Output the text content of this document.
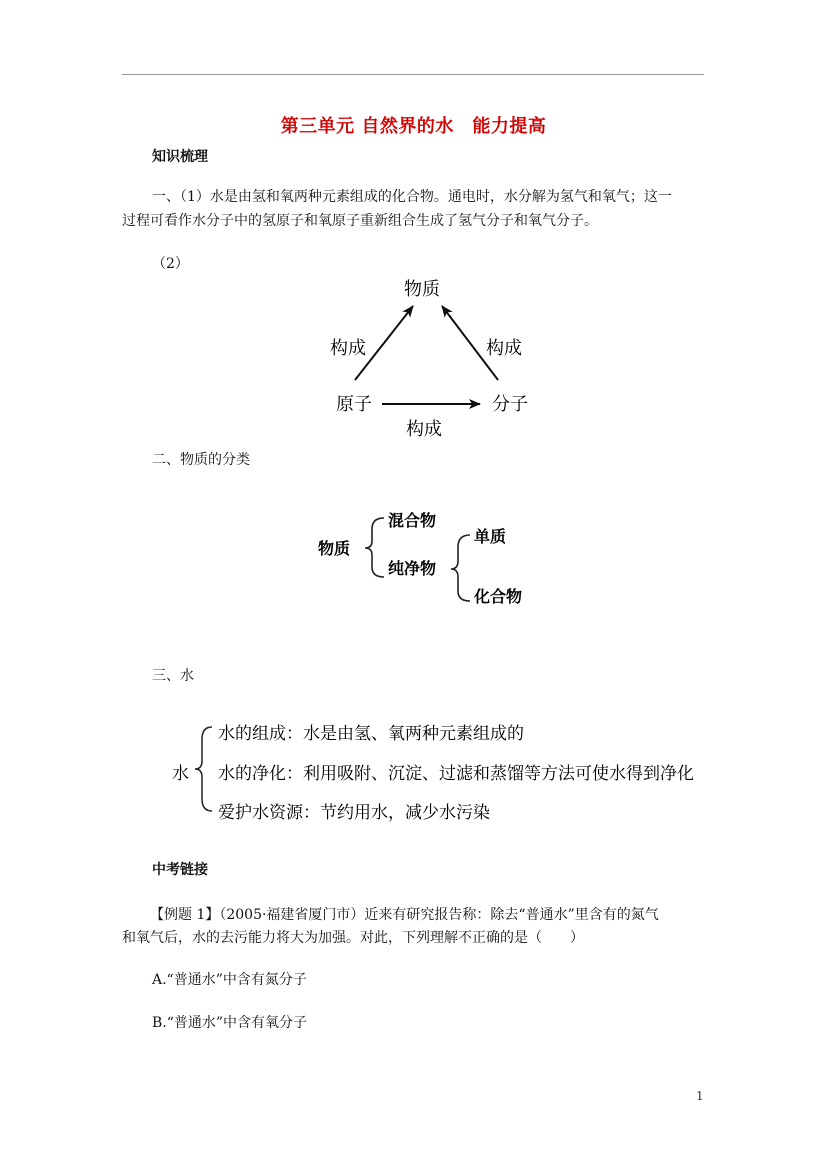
第三单元 自然界的水　能力提高
知识梳理
一、（1）水是由氢和氧两种元素组成的化合物。通电时，水分解为氢气和氧气；这一
过程可看作水分子中的氢原子和氧原子重新组合生成了氢气分子和氧气分子。
（2）
物质
原子	分子
构成	构成
构成
二、物质的分类
物质
混合物
纯净物
单质
化合物
三、水
水
水的组成：水是由氢、氧两种元素组成的
水的净化：利用吸附、沉淀、过滤和蒸馏等方法可使水得到净化
爱护水资源：节约用水，减少水污染
中考链接
【例题 1】（2005·福建省厦门市）近来有研究报告称：除去“普通水”里含有的氮气
和氧气后，水的去污能力将大为加强。对此，下列理解不正确的是（　　）
A.“普通水”中含有氮分子
B.“普通水”中含有氧分子
1
